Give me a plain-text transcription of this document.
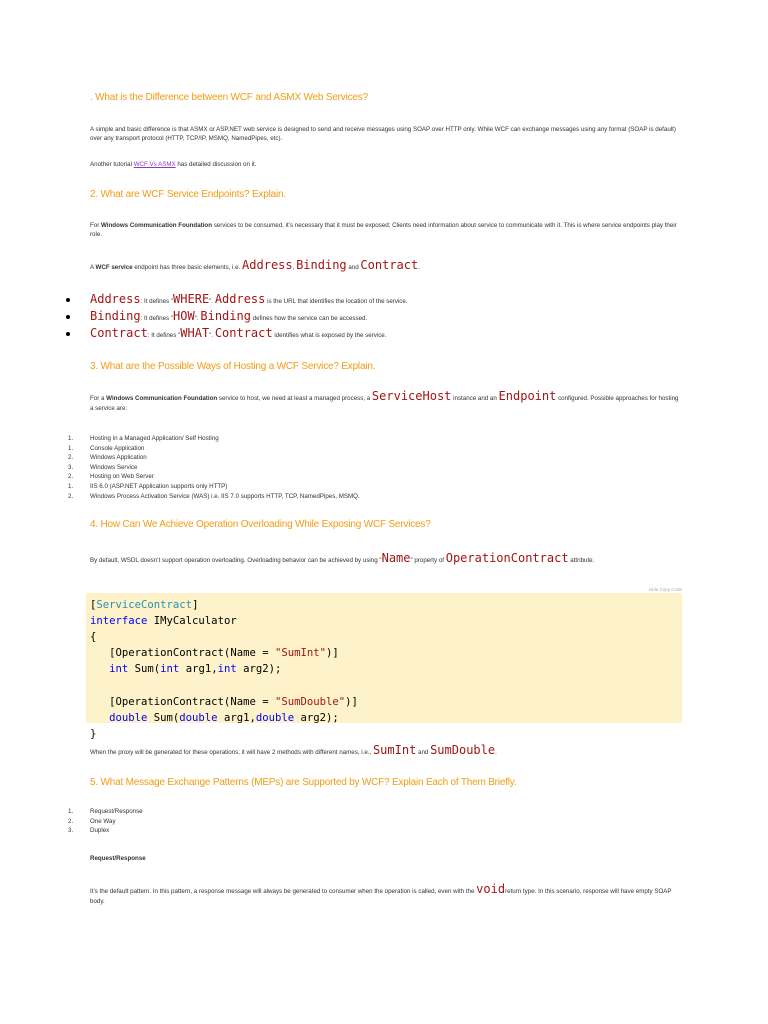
. What is the Difference between WCF and ASMX Web Services?
A simple and basic difference is that ASMX or ASP.NET web service is designed to send and receive messages using SOAP over HTTP only. While WCF can exchange messages using any format (SOAP is default) over any transport protocol (HTTP, TCP/IP, MSMQ, NamedPipes, etc).
Another tutorial WCF Vs ASMX has detailed discussion on it.
2. What are WCF Service Endpoints? Explain.
For Windows Communication Foundation services to be consumed, it’s necessary that it must be exposed; Clients need information about service to communicate with it. This is where service endpoints play their role.
A WCF service endpoint has three basic elements, i.e. Address, Binding and Contract.
Address: It defines "WHERE". Address is the URL that identifies the location of the service.
Binding: It defines "HOW". Binding defines how the service can be accessed.
Contract: It defines "WHAT". Contract identifies what is exposed by the service.
3. What are the Possible Ways of Hosting a WCF Service? Explain.
For a Windows Communication Foundation service to host, we need at least a managed process, a ServiceHost instance and an Endpoint configured. Possible approaches for hosting a service are:
1.	Hosting in a Managed Application/ Self Hosting
1.	Console Application
2.	Windows Application
3.	Windows Service
2.	Hosting on Web Server
1.	IIS 6.0 (ASP.NET Application supports only HTTP)
2.	Windows Process Activation Service (WAS) i.e. IIS 7.0 supports HTTP, TCP, NamedPipes, MSMQ.
4. How Can We Achieve Operation Overloading While Exposing WCF Services?
By default, WSDL doesn’t support operation overloading. Overloading behavior can be achieved by using "Name" property of OperationContract attribute.
Hide Copy Code
[ServiceContract]
interface IMyCalculator
{
[OperationContract(Name = "SumInt")]
int Sum(int arg1,int arg2);

[OperationContract(Name = "SumDouble")]
double Sum(double arg1,double arg2);
}
When the proxy will be generated for these operations, it will have 2 methods with different names, i.e., SumInt and SumDouble.
5. What Message Exchange Patterns (MEPs) are Supported by WCF? Explain Each of Them Briefly.
1.	Request/Response
2.	One Way
3.	Duplex
Request/Response
It’s the default pattern. In this pattern, a response message will always be generated to consumer when the operation is called, even with the voidreturn type. In this scenario, response will have empty SOAP body.
